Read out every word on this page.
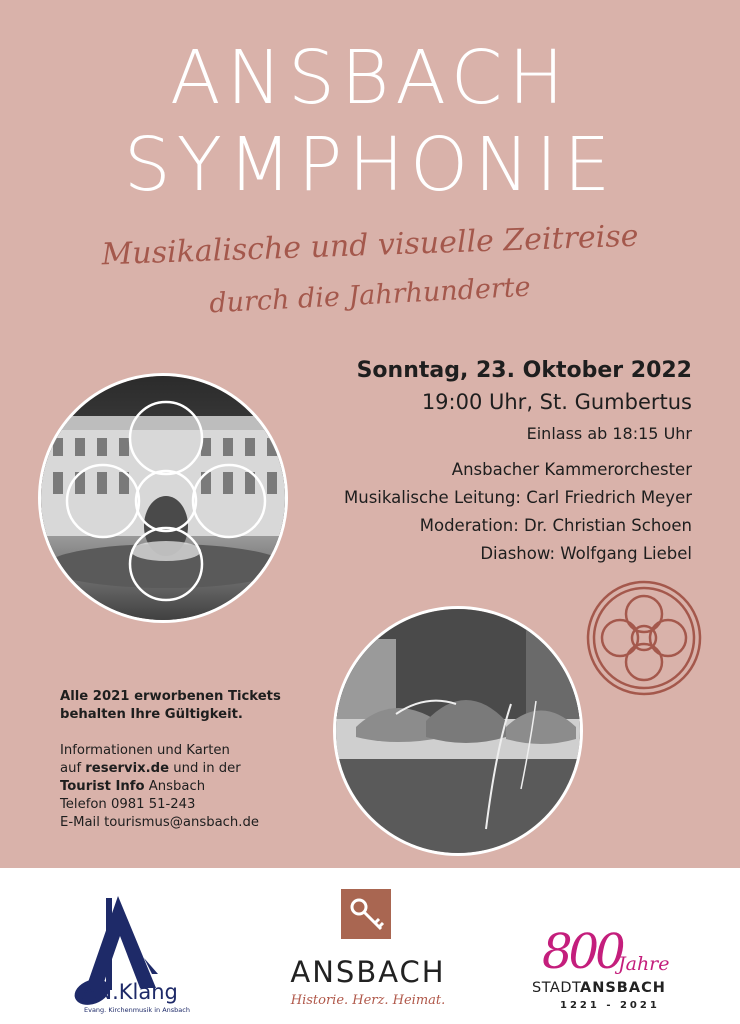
ANSBACH
SYMPHONIE
Musikalische und visuelle Zeitreise
durch die Jahrhunderte
Sonntag, 23. Oktober 2022
19:00 Uhr, St. Gumbertus
Einlass ab 18:15 Uhr
Ansbacher Kammerorchester
Musikalische Leitung: Carl Friedrich Meyer
Moderation: Dr. Christian Schoen
Diashow: Wolfgang Liebel
Alle 2021 erworbenen Tickets
behalten Ihre Gültigkeit.
Informationen und Karten
auf reservix.de und in der
Tourist Info Ansbach
Telefon 0981 51-243
E-Mail tourismus@ansbach.de
AN.Klang
Evang. Kirchenmusik in Ansbach
ANSBACH
Historie. Herz. Heimat.
800
Jahre
STADT
ANSBACH
1221 - 2021
